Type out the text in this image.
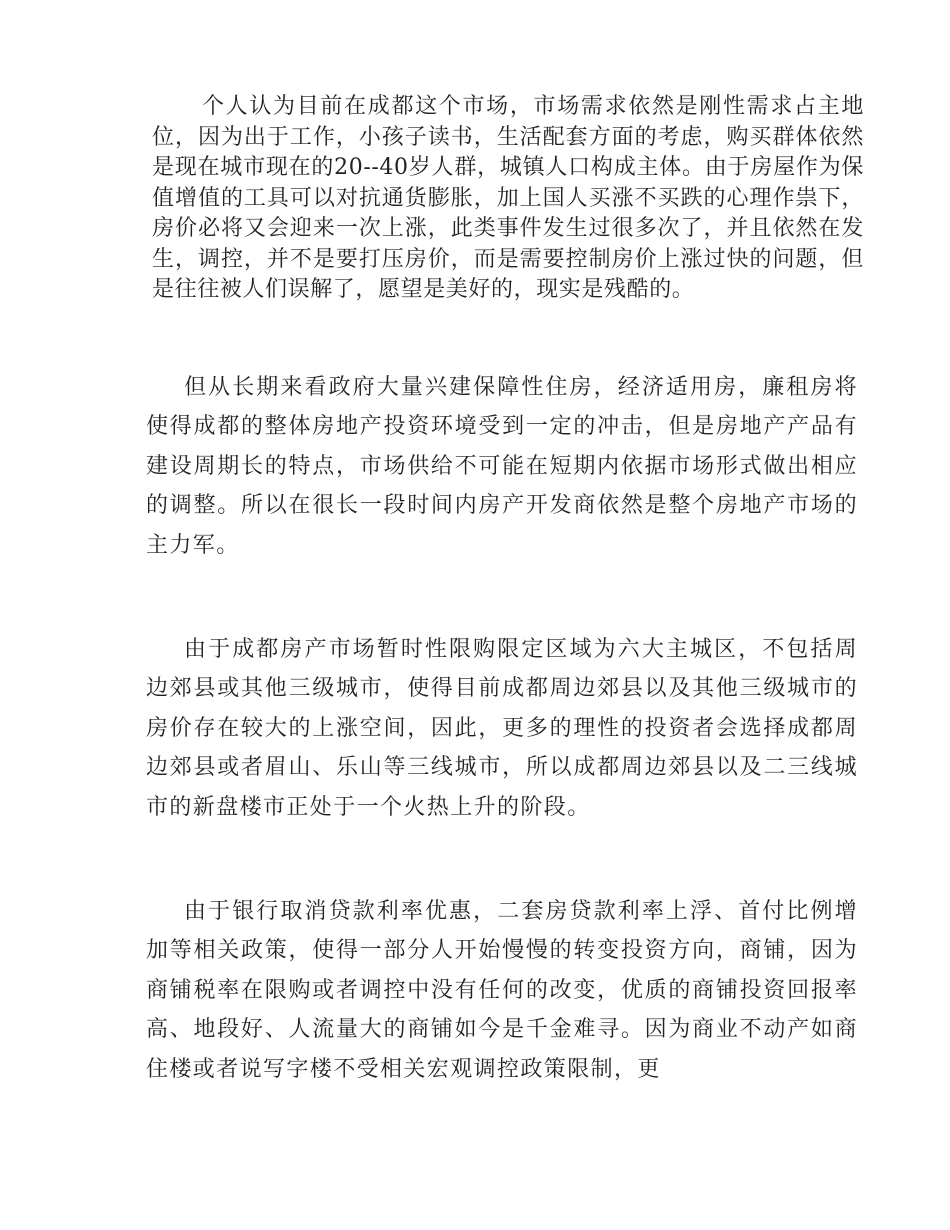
个人认为目前在成都这个市场，市场需求依然是刚性需求占主地位，因为出于工作，小孩子读书，生活配套方面的考虑，购买群体依然是现在城市现在的20--40岁人群，城镇人口构成主体。由于房屋作为保值增值的工具可以对抗通货膨胀，加上国人买涨不买跌的心理作祟下，房价必将又会迎来一次上涨，此类事件发生过很多次了，并且依然在发生，调控，并不是要打压房价，而是需要控制房价上涨过快的问题，但是往往被人们误解了，愿望是美好的，现实是残酷的。

但从长期来看政府大量兴建保障性住房，经济适用房，廉租房将使得成都的整体房地产投资环境受到一定的冲击，但是房地产产品有建设周期长的特点，市场供给不可能在短期内依据市场形式做出相应的调整。所以在很长一段时间内房产开发商依然是整个房地产市场的主力军。

由于成都房产市场暂时性限购限定区域为六大主城区，不包括周边郊县或其他三级城市，使得目前成都周边郊县以及其他三级城市的房价存在较大的上涨空间，因此，更多的理性的投资者会选择成都周边郊县或者眉山、乐山等三线城市，所以成都周边郊县以及二三线城市的新盘楼市正处于一个火热上升的阶段。

由于银行取消贷款利率优惠，二套房贷款利率上浮、首付比例增加等相关政策，使得一部分人开始慢慢的转变投资方向，商铺，因为商铺税率在限购或者调控中没有任何的改变，优质的商铺投资回报率高、地段好、人流量大的商铺如今是千金难寻。因为商业不动产如商住楼或者说写字楼不受相关宏观调控政策限制，更
